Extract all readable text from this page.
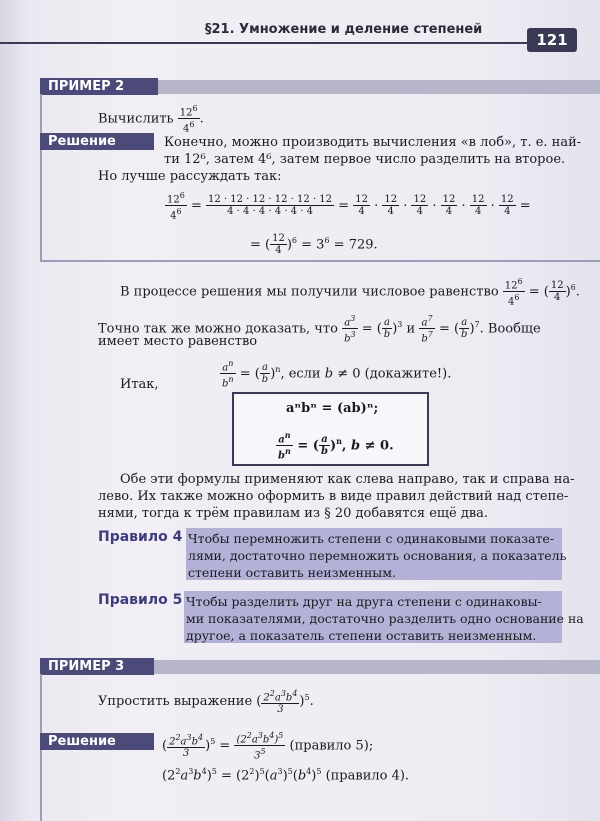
§21. Умножение и деление степеней
121
ПРИМЕР 2
Вычислить $\frac{12^6}{4^6}$ .
Решение	Конечно, можно производить вычисления «в лоб», т. е. най-
ти 12⁶, затем 4⁶, затем первое число разделить на второе.
Но лучше рассуждать так:
$\frac{12^6}{4^6} = \frac{12 \cdot 12 \cdot 12 \cdot 12 \cdot 12 \cdot 12}{4 \cdot 4 \cdot 4 \cdot 4 \cdot 4 \cdot 4} = \frac{12}{4} \cdot \frac{12}{4} \cdot \frac{12}{4} \cdot \frac{12}{4} \cdot \frac{12}{4} \cdot \frac{12}{4}$ =
= ( $\frac{12}{4} )^6 = 3^6 = 729$.
В процессе решения мы получили числовое равенство $\frac{12^6}{4^6}$ = ( $\frac{12}{4} )^6$.
Точно так же можно доказать, что $\frac{a^3}{b^3}$ = ( $\frac{a}{b} )^3$ и $\frac{a^7}{b^7}$ = ( $\frac{a}{b} )^7$. Вообще
имеет место равенство
$\frac{a^n}{b^n}$ = ( $\frac{a}{b} )^n$, если b ≠ 0 (докажите!).
Итак,
aⁿbⁿ = (ab)ⁿ;
$\frac{a^n}{b^n}$ = ( $\frac{a}{b} )^n$, b ≠ 0.
Обе эти формулы применяют как слева направо, так и справа на-
лево. Их также можно оформить в виде правил действий над степе-
нями, тогда к трём правилам из § 20 добавятся ещё два.
Правило 4 Чтобы перемножить степени с одинаковыми показате-
лями, достаточно перемножить основания, а показатель
степени оставить неизменным.
Правило 5 Чтобы разделить друг на друга степени с одинаковы-
ми показателями, достаточно разделить одно основание на
другое, а показатель степени оставить неизменным.
ПРИМЕР 3
Упростить выражение ( $\frac{2^2a^3b^4}{3} )^5$.
Решение	( $\frac{2^2a^3b^4}{3} )^5 = \frac{(2^2a^3b^4)^5}{3^5}$ (правило 5);
$(2^2a^3b^4)^5 = (2^2)^5(a^3)^5(b^4)^5$ (правило 4).
